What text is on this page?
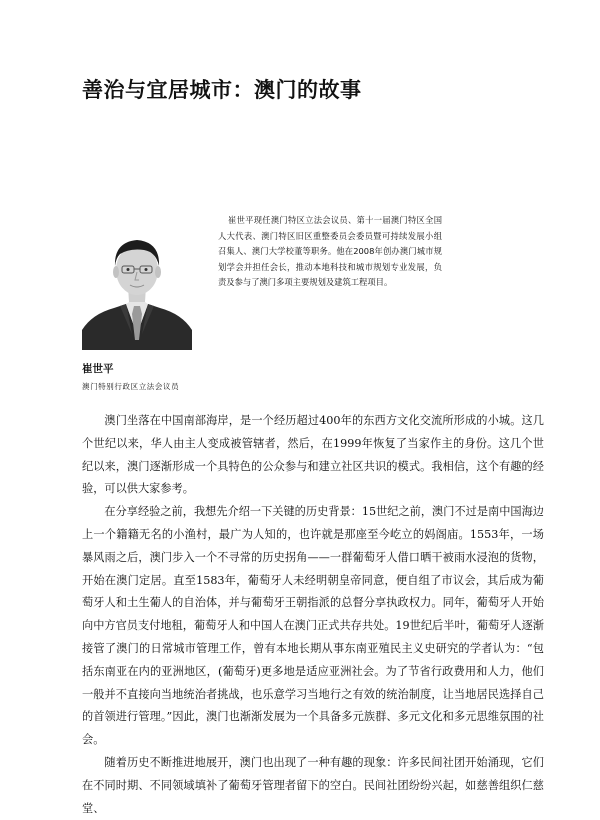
善治与宜居城市：澳门的故事

崔世平现任澳门特区立法会议员、第十一届澳门特区全国人大代表、澳门特区旧区重整委员会委员暨可持续发展小组召集人、澳门大学校董等职务。他在2008年创办澳门城市规划学会并担任会长，推动本地科技和城市规划专业发展，负责及参与了澳门多项主要规划及建筑工程项目。

崔世平

澳门特别行政区立法会议员

澳门坐落在中国南部海岸，是一个经历超过400年的东西方文化交流所形成的小城。这几个世纪以来，华人由主人变成被管辖者，然后，在1999年恢复了当家作主的身份。这几个世纪以来，澳门逐渐形成一个具特色的公众参与和建立社区共识的模式。我相信，这个有趣的经验，可以供大家参考。

在分享经验之前，我想先介绍一下关键的历史背景：15世纪之前，澳门不过是南中国海边上一个籍籍无名的小渔村，最广为人知的，也许就是那座至今屹立的妈阁庙。1553年，一场暴风雨之后，澳门步入一个不寻常的历史拐角——一群葡萄牙人借口晒干被雨水浸泡的货物，开始在澳门定居。直至1583年，葡萄牙人未经明朝皇帝同意，便自组了市议会，其后成为葡萄牙人和土生葡人的自治体，并与葡萄牙王朝指派的总督分享执政权力。同年，葡萄牙人开始向中方官员支付地租，葡萄牙人和中国人在澳门正式共存共处。19世纪后半叶，葡萄牙人逐渐接管了澳门的日常城市管理工作，曾有本地长期从事东南亚殖民主义史研究的学者认为：“包括东南亚在内的亚洲地区，(葡萄牙)更多地是适应亚洲社会。为了节省行政费用和人力，他们一般并不直接向当地统治者挑战，也乐意学习当地行之有效的统治制度，让当地居民选择自己的首领进行管理。”因此，澳门也渐渐发展为一个具备多元族群、多元文化和多元思维氛围的社会。

随着历史不断推进地展开，澳门也出现了一种有趣的现象：许多民间社团开始涌现，它们在不同时期、不同领域填补了葡萄牙管理者留下的空白。民间社团纷纷兴起，如慈善组织仁慈堂、
